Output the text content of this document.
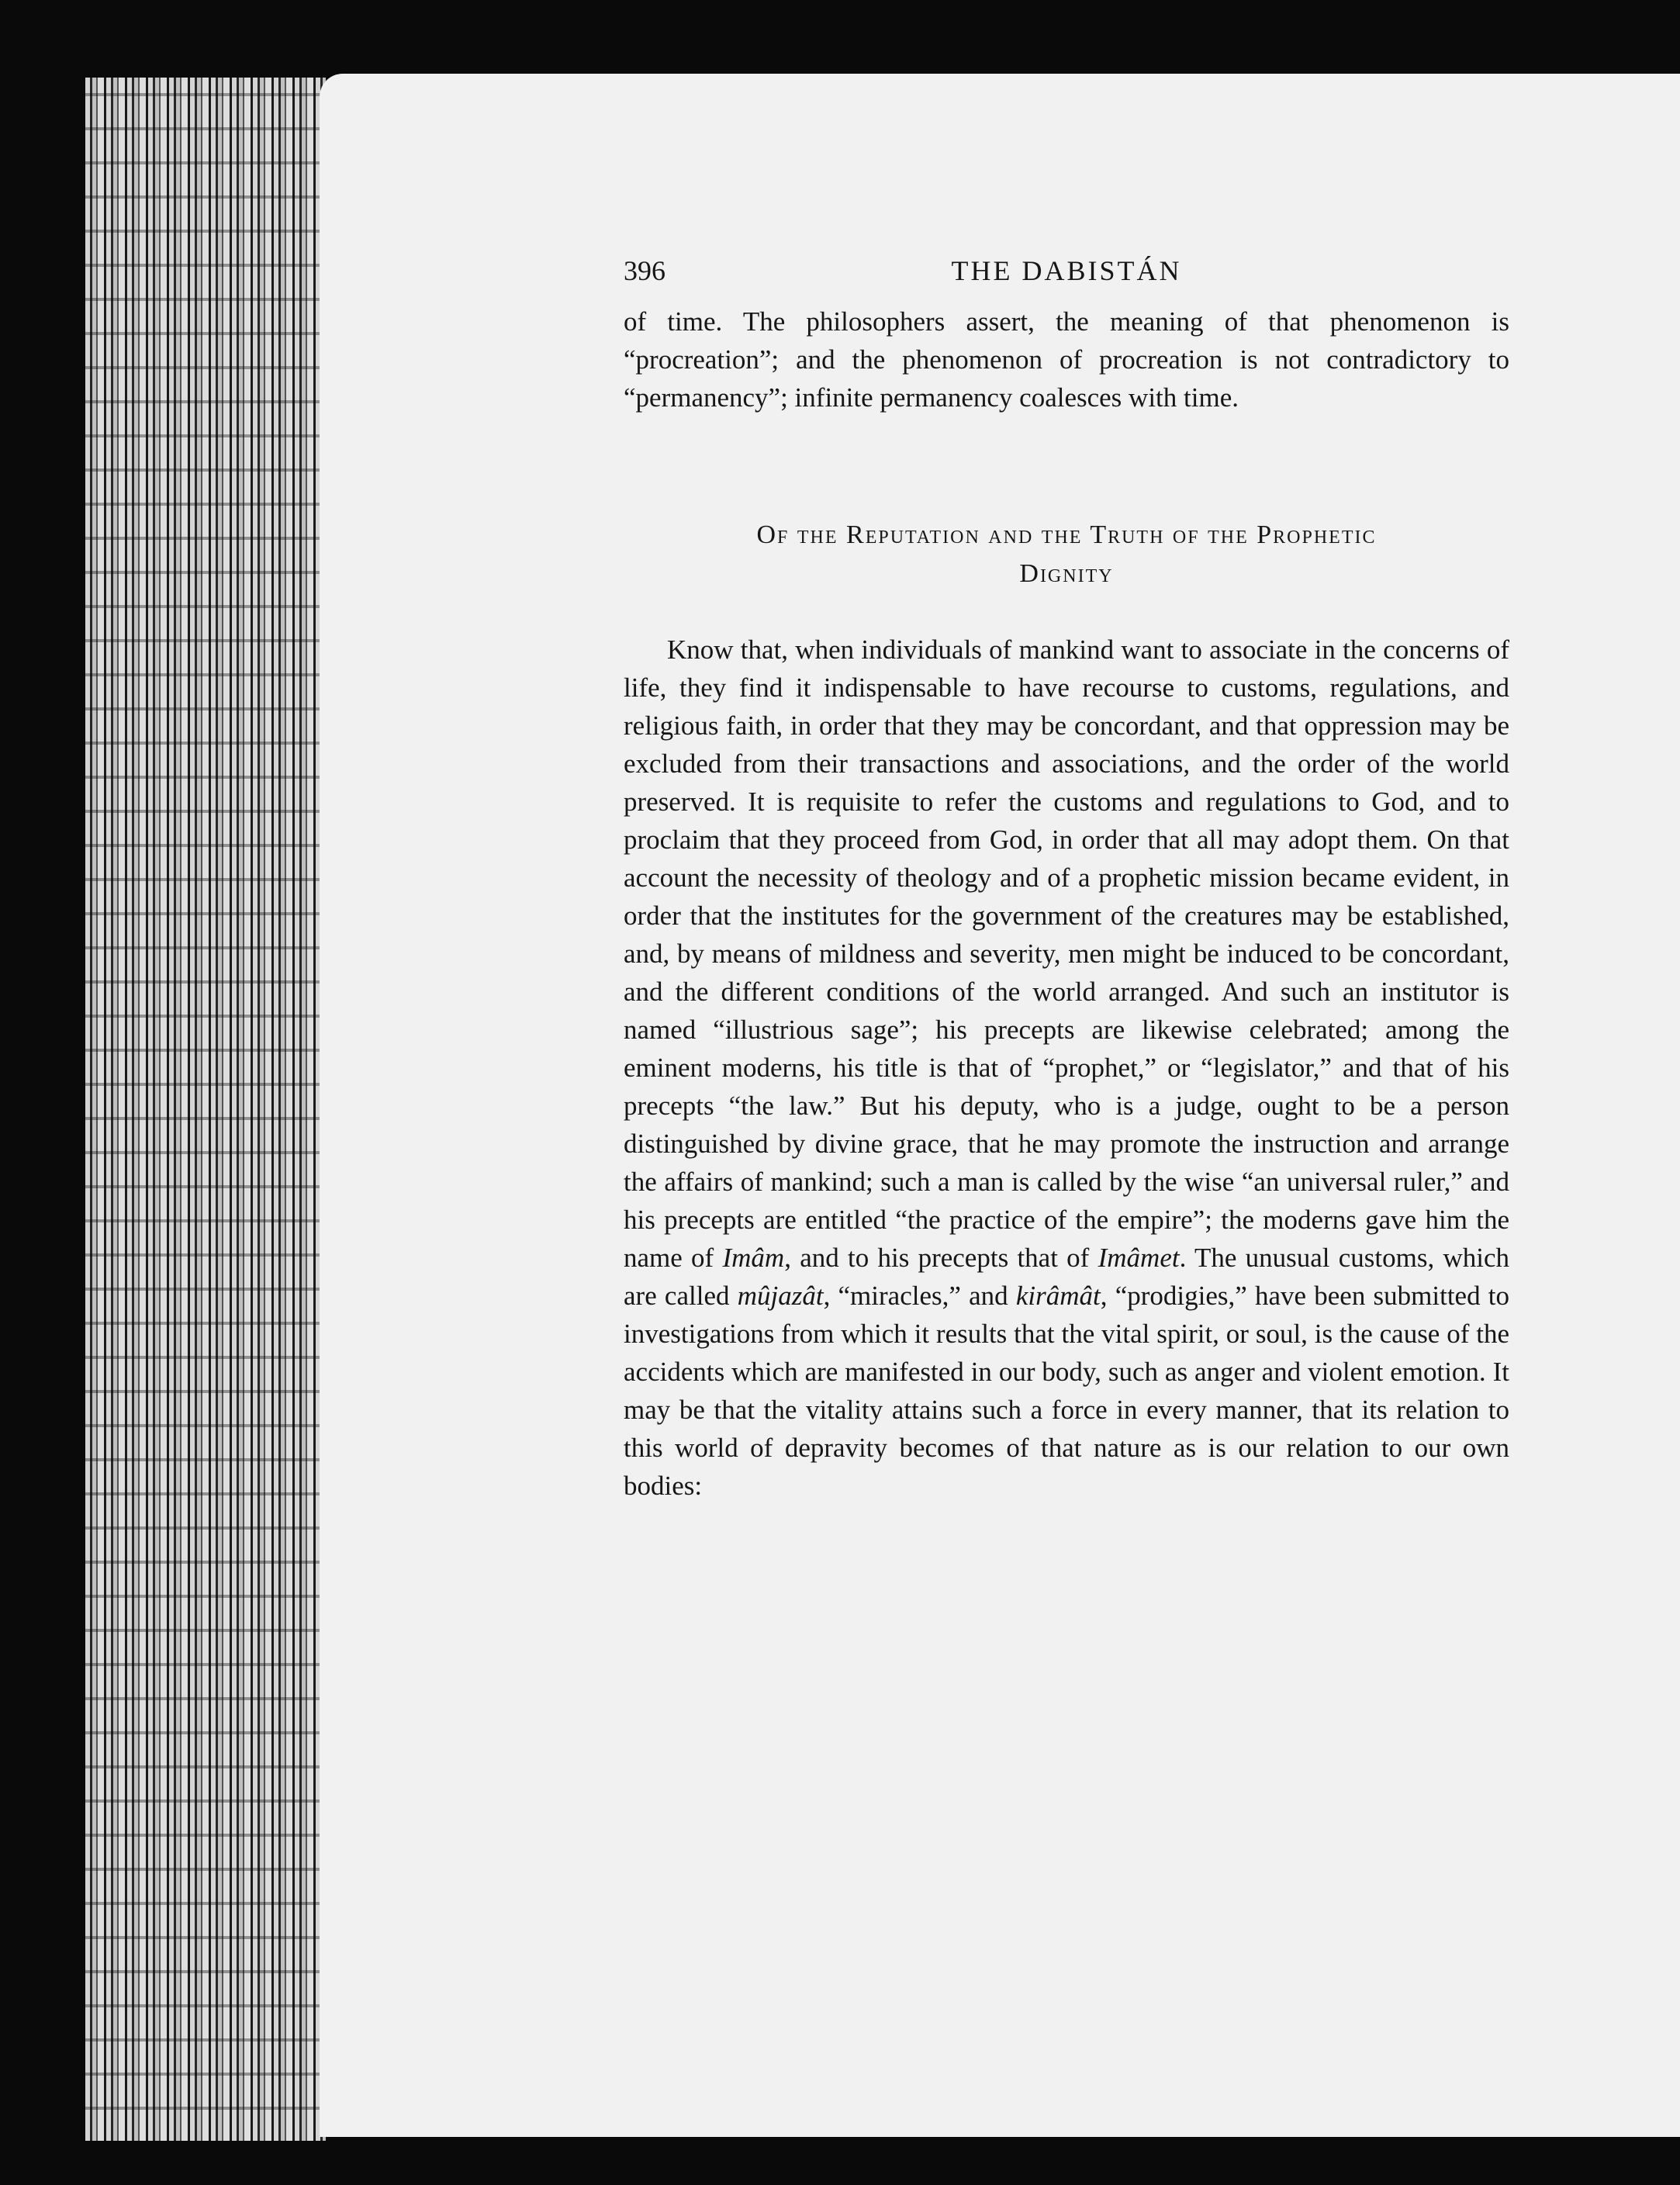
396	THE DABISTÁN

of time. The philosophers assert, the meaning of that phenomenon is “procreation”; and the phenomenon of procreation is not contradictory to “permanency”; infinite permanency coalesces with time.

Of the Reputation and the Truth of the Prophetic
Dignity

Know that, when individuals of mankind want to associate in the concerns of life, they find it indispensable to have recourse to customs, regulations, and religious faith, in order that they may be concordant, and that oppression may be excluded from their transactions and associations, and the order of the world preserved. It is requisite to refer the customs and regulations to God, and to proclaim that they proceed from God, in order that all may adopt them. On that account the necessity of theology and of a prophetic mission became evident, in order that the institutes for the government of the creatures may be established, and, by means of mildness and severity, men might be induced to be concordant, and the different conditions of the world arranged. And such an institutor is named “illustrious sage”; his precepts are likewise celebrated; among the eminent moderns, his title is that of “prophet,” or “legislator,” and that of his precepts “the law.” But his deputy, who is a judge, ought to be a person distinguished by divine grace, that he may promote the instruction and arrange the affairs of mankind; such a man is called by the wise “an universal ruler,” and his precepts are entitled “the practice of the empire”; the moderns gave him the name of Imâm, and to his precepts that of Imâmet. The unusual customs, which are called mûjazât, “miracles,” and kirâmât, “prodigies,” have been submitted to investigations from which it results that the vital spirit, or soul, is the cause of the accidents which are manifested in our body, such as anger and violent emotion. It may be that the vitality attains such a force in every manner, that its relation to this world of depravity becomes of that nature as is our relation to our own bodies:
